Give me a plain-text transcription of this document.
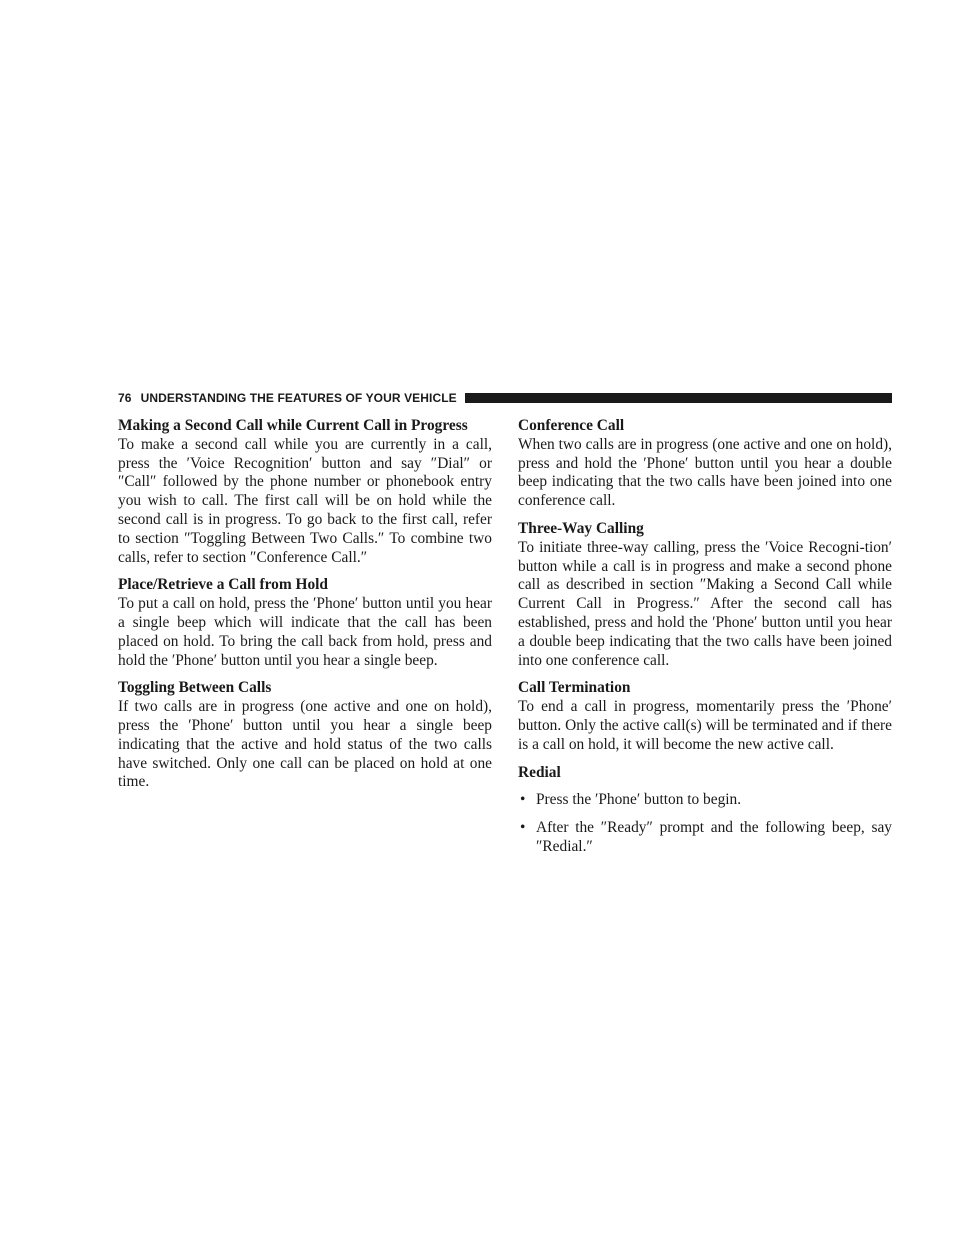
76 UNDERSTANDING THE FEATURES OF YOUR VEHICLE
Making a Second Call while Current Call in Progress

To make a second call while you are currently in a call, press the ′Voice Recognition′ button and say ″Dial″ or ″Call″ followed by the phone number or phonebook entry you wish to call. The first call will be on hold while the second call is in progress. To go back to the first call, refer to section ″Toggling Between Two Calls.″ To combine two calls, refer to section ″Conference Call.″

Place/Retrieve a Call from Hold

To put a call on hold, press the ′Phone′ button until you hear a single beep which will indicate that the call has been placed on hold. To bring the call back from hold, press and hold the ′Phone′ button until you hear a single beep.

Toggling Between Calls

If two calls are in progress (one active and one on hold), press the ′Phone′ button until you hear a single beep indicating that the active and hold status of the two calls have switched. Only one call can be placed on hold at one time.

Conference Call

When two calls are in progress (one active and one on hold), press and hold the ′Phone′ button until you hear a double beep indicating that the two calls have been joined into one conference call.

Three-Way Calling

To initiate three-way calling, press the ′Voice Recogni-tion′ button while a call is in progress and make a second phone call as described in section ″Making a Second Call while Current Call in Progress.″ After the second call has established, press and hold the ′Phone′ button until you hear a double beep indicating that the two calls have been joined into one conference call.

Call Termination

To end a call in progress, momentarily press the ′Phone′ button. Only the active call(s) will be terminated and if there is a call on hold, it will become the new active call.

Redial
• Press the ′Phone′ button to begin.
• After the ″Ready″ prompt and the following beep, say ″Redial.″
